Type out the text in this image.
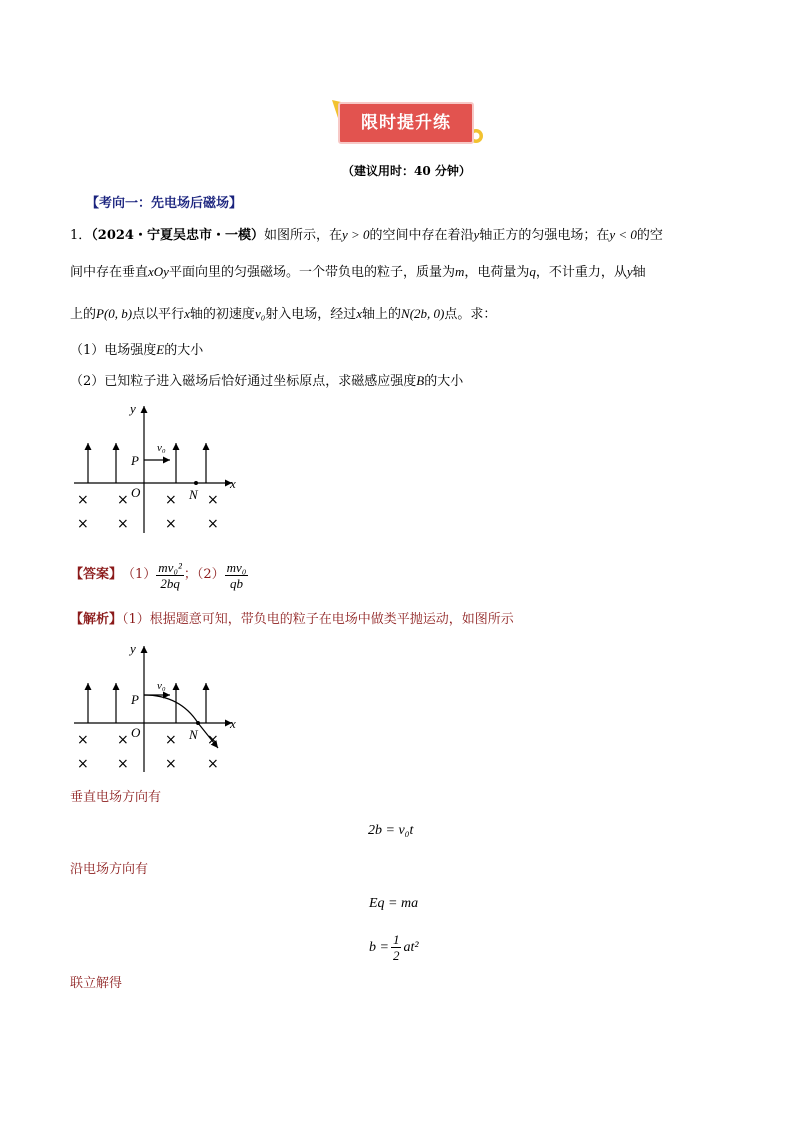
限时提升练
（建议用时：40 分钟）
【考向一：先电场后磁场】
1．（2024・宁夏吴忠市・一模）如图所示，在y > 0的空间中存在着沿y轴正方的匀强电场；在y < 0的空
间中存在垂直xOy平面向里的匀强磁场。一个带负电的粒子，质量为m，电荷量为q，不计重力，从y轴
上的P(0, b)点以平行x轴的初速度v₀射入电场，经过x轴上的N(2b, 0)点。求：
（1）电场强度E的大小
（2）已知粒子进入磁场后恰好通过坐标原点，求磁感应强度B的大小
y
x
O
P
N
v₀
× ×	× ×
× ×	× ×
【答案】 $(1) \frac{\text{mv₀²}}{2bq}$ ；$(2) \frac{\text{mv₀}}{qb}$
【解析】（1）根据题意可知，带负电的粒子在电场中做类平抛运动，如图所示
y
x
O
P
N
v₀
× ×	× ×
× ×	× ×
垂直电场方向有
2b = v₀t
沿电场方向有
Eq = ma
$b = \frac{1}{2} at^2$
联立解得
